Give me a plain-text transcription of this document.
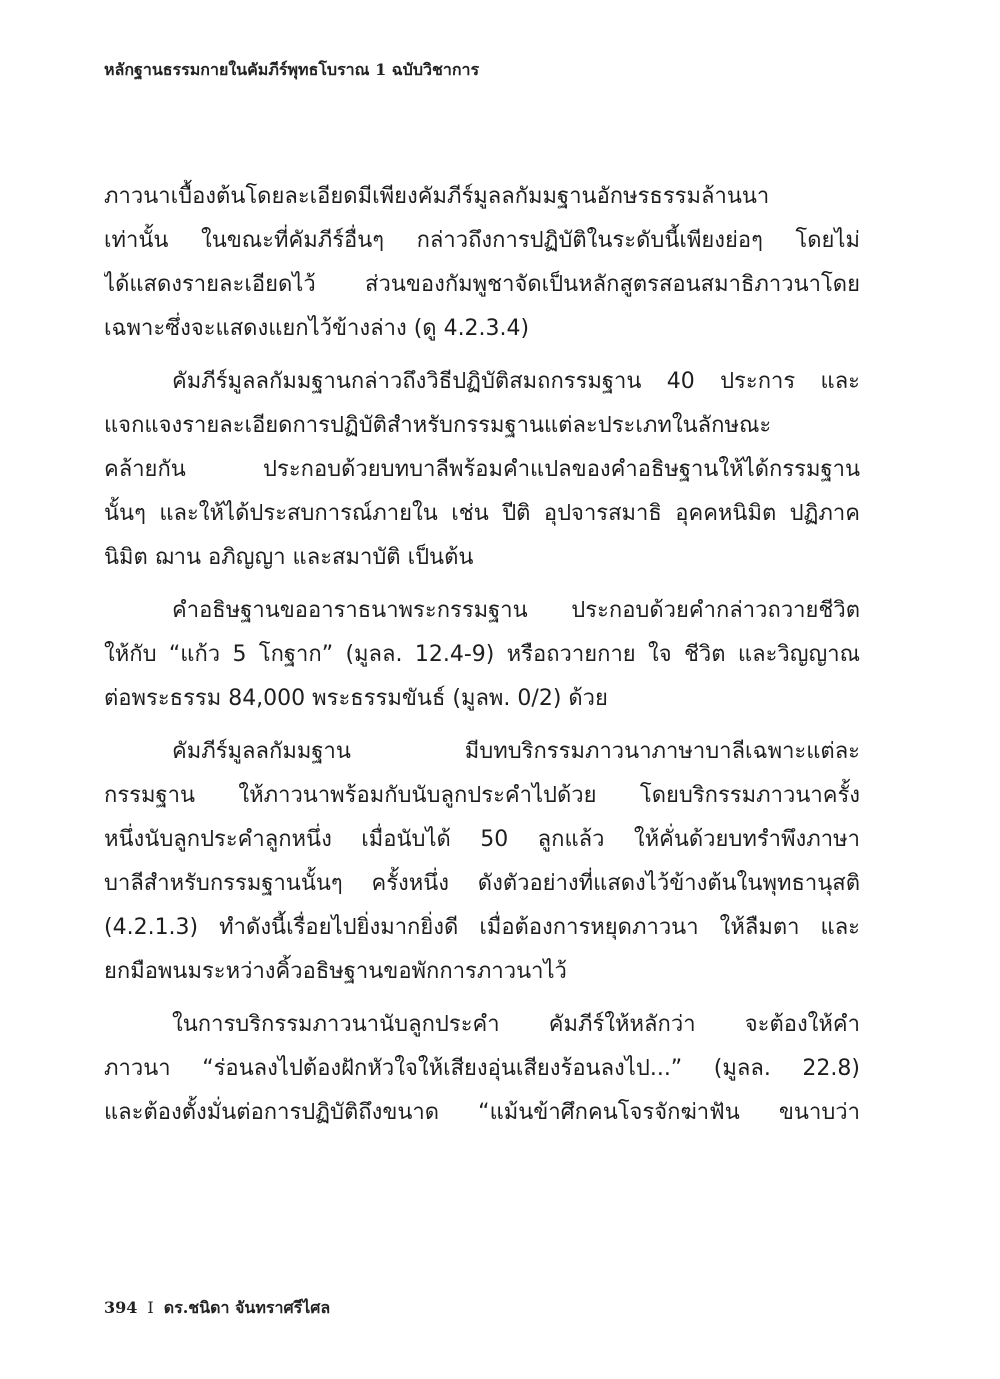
หลักฐานธรรมกายในคัมภีร์พุทธโบราณ 1 ฉบับวิชาการ
ภาวนาเบื้องต้นโดยละเอียดมีเพียงคัมภีร์มูลลกัมมฐานอักษรธรรมล้านนา
เท่านั้น ในขณะที่คัมภีร์อื่นๆ กล่าวถึงการปฏิบัติในระดับนี้เพียงย่อๆ โดยไม่
ได้แสดงรายละเอียดไว้ ส่วนของกัมพูชาจัดเป็นหลักสูตรสอนสมาธิภาวนาโดย
เฉพาะซึ่งจะแสดงแยกไว้ข้างล่าง (ดู 4.2.3.4)
คัมภีร์มูลลกัมมฐานกล่าวถึงวิธีปฏิบัติสมถกรรมฐาน 40 ประการ และ
แจกแจงรายละเอียดการปฏิบัติสำหรับกรรมฐานแต่ละประเภทในลักษณะ
คล้ายกัน ประกอบด้วยบทบาลีพร้อมคำแปลของคำอธิษฐานให้ได้กรรมฐาน
นั้นๆ และให้ได้ประสบการณ์ภายใน เช่น ปีติ อุปจารสมาธิ อุคคหนิมิต ปฏิภาค
นิมิต ฌาน อภิญญา และสมาบัติ เป็นต้น
คำอธิษฐานขออาราธนาพระกรรมฐาน ประกอบด้วยคำกล่าวถวายชีวิต
ให้กับ “แก้ว 5 โกฐาก” (มูลล. 12.4-9) หรือถวายกาย ใจ ชีวิต และวิญญาณ
ต่อพระธรรม 84,000 พระธรรมขันธ์ (มูลพ. 0/2) ด้วย
คัมภีร์มูลลกัมมฐาน มีบทบริกรรมภาวนาภาษาบาลีเฉพาะแต่ละ
กรรมฐาน ให้ภาวนาพร้อมกับนับลูกประคำไปด้วย โดยบริกรรมภาวนาครั้ง
หนึ่งนับลูกประคำลูกหนึ่ง เมื่อนับได้ 50 ลูกแล้ว ให้คั่นด้วยบทรำพึงภาษา
บาลีสำหรับกรรมฐานนั้นๆ ครั้งหนึ่ง ดังตัวอย่างที่แสดงไว้ข้างต้นในพุทธานุสติ
(4.2.1.3) ทำดังนี้เรื่อยไปยิ่งมากยิ่งดี เมื่อต้องการหยุดภาวนา ให้ลืมตา และ
ยกมือพนมระหว่างคิ้วอธิษฐานขอพักการภาวนาไว้
ในการบริกรรมภาวนานับลูกประคำ คัมภีร์ให้หลักว่า จะต้องให้คำ
ภาวนา “ร่อนลงไปต้องฝักหัวใจให้เสียงอุ่นเสียงร้อนลงไป...” (มูลล. 22.8)
และต้องตั้งมั่นต่อการปฏิบัติถึงขนาด “แม้นข้าศึกคนโจรจักฆ่าฟัน ขนาบว่า
394 I ดร.ชนิดา จันทราศรีไศล
